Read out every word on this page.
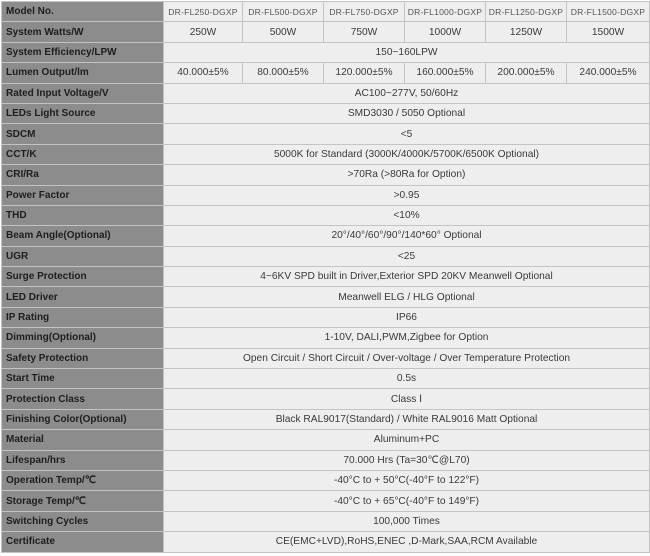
Model No.	DR-FL250-DGXP	DR-FL500-DGXP	DR-FL750-DGXP	DR-FL1000-DGXP	DR-FL1250-DGXP	DR-FL1500-DGXP
System Watts/W	250W	500W	750W	1000W	1250W	1500W
System Efficiency/LPW	150~160LPW					
Lumen Output/lm	40.000±5%	80.000±5%	120.000±5%	160.000±5%	200.000±5%	240.000±5%
Rated Input Voltage/V	AC100~277V, 50/60Hz					
LEDs Light Source	SMD3030 / 5050 Optional					
SDCM	<5					
CCT/K	5000K for Standard (3000K/4000K/5700K/6500K Optional)					
CRI/Ra	>70Ra (>80Ra for Option)					
Power Factor	>0.95					
THD	<10%					
Beam Angle(Optional)	20°/40°/60°/90°/140*60° Optional					
UGR	<25					
Surge Protection	4~6KV SPD built in Driver,Exterior SPD 20KV Meanwell Optional					
LED Driver	Meanwell ELG / HLG Optional					
IP Rating	IP66					
Dimming(Optional)	1-10V, DALI,PWM,Zigbee for Option					
Safety Protection	Open Circuit / Short Circuit / Over-voltage / Over Temperature Protection					
Start Time	0.5s					
Protection Class	Class Ⅰ					
Finishing Color(Optional)	Black RAL9017(Standard) / White RAL9016 Matt Optional					
Material	Aluminum+PC					
Lifespan/hrs	70.000 Hrs (Ta=30℃@L70)					
Operation Temp/℃	-40°C to + 50°C(-40°F to 122°F)					
Storage Temp/℃	-40°C to + 65°C(-40°F to 149°F)					
Switching Cycles	100,000 Times					
Certificate	CE(EMC+LVD),RoHS,ENEC ,D-Mark,SAA,RCM Available					
